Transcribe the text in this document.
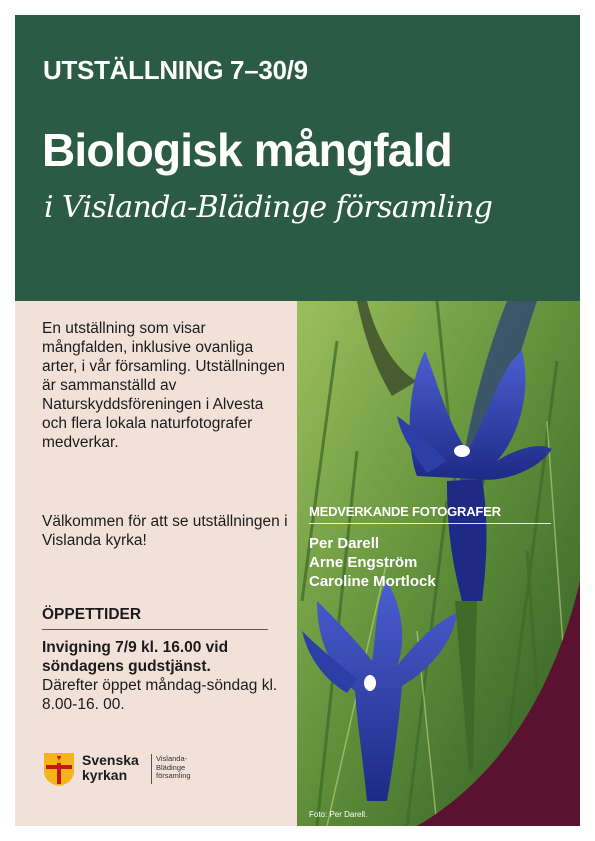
UTSTÄLLNING 7–30/9
Biologisk mångfald
i Vislanda-Blädinge församling

En utställning som visar mångfalden, inklusive ovanliga arter, i vår församling. Utställningen är sammanställd av Naturskyddsföreningen i Alvesta och flera lokala naturfotografer medverkar.

Välkommen för att se utställningen i Vislanda kyrka!

ÖPPETTIDER

Invigning 7/9 kl. 16.00 vid söndagens gudstjänst.

Därefter öppet måndag-söndag kl. 8.00-16. 00.

Svenska
kyrkan
Vislanda-
Blädinge
församling
MEDVERKANDE FOTOGRAFER
Per Darell
Arne Engström
Caroline Mortlock
Foto: Per Darell.
